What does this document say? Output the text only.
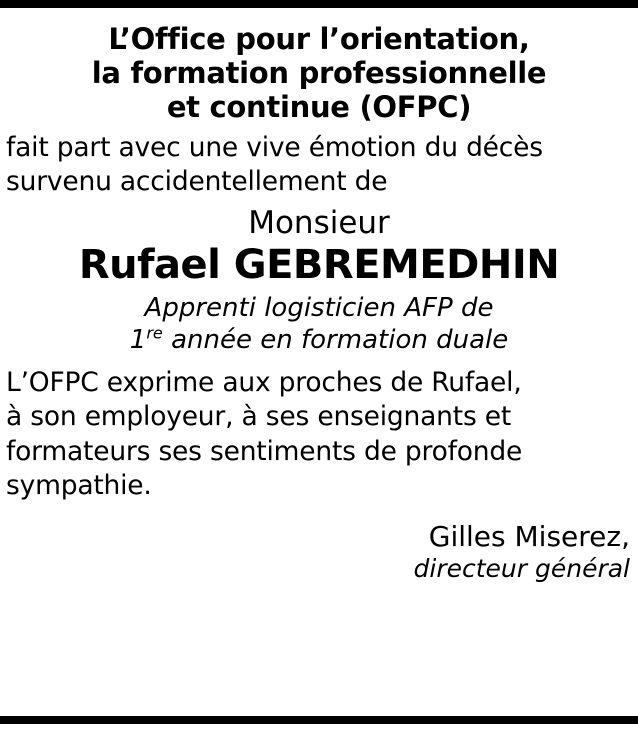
L’Office pour l’orientation,
la formation professionnelle
et continue (OFPC)
fait part avec une vive émotion du décès
survenu accidentellement de
Monsieur
Rufael GEBREMEDHIN
Apprenti logisticien AFP de
1re année en formation duale
L’OFPC exprime aux proches de Rufael,
à son employeur, à ses enseignants et
formateurs ses sentiments de profonde
sympathie.
Gilles Miserez,
directeur général
